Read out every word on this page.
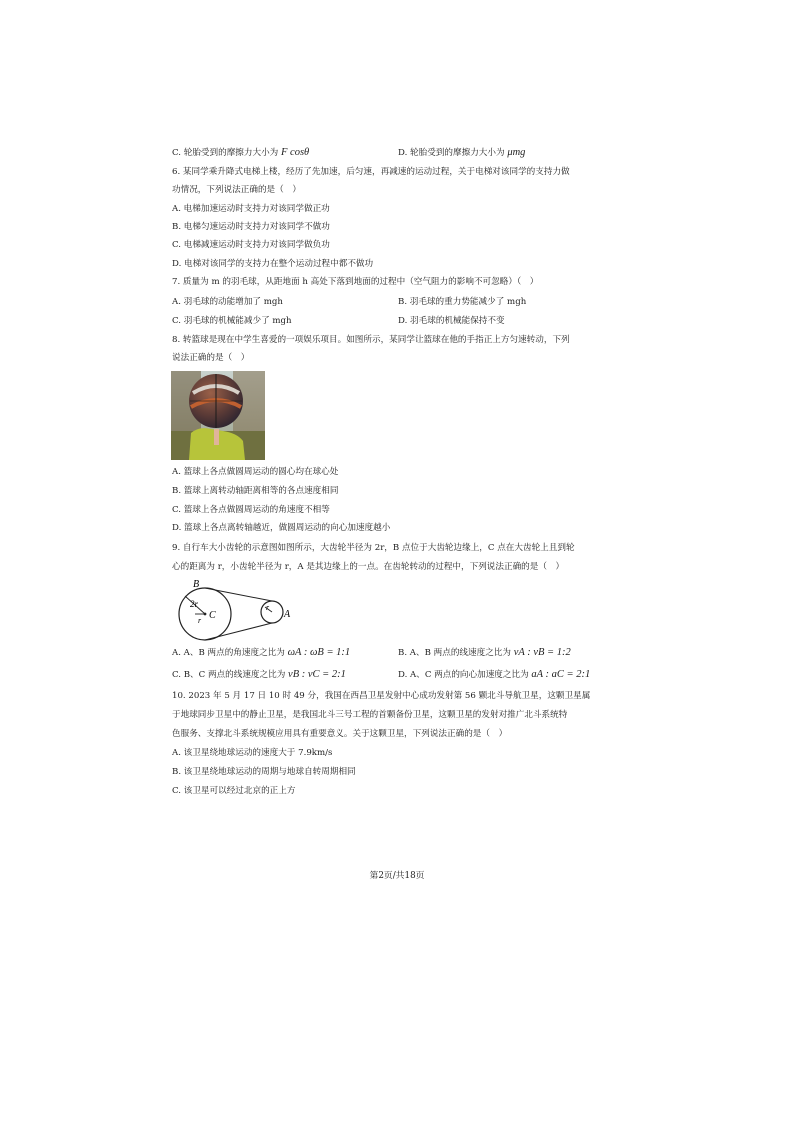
C. 轮胎受到的摩擦力大小为 F cosθ	D. 轮胎受到的摩擦力大小为 μmg
6. 某同学乘升降式电梯上楼，经历了先加速，后匀速，再减速的运动过程，关于电梯对该同学的支持力做
功情况，下列说法正确的是（　）
A. 电梯加速运动时支持力对该同学做正功
B. 电梯匀速运动时支持力对该同学不做功
C. 电梯减速运动时支持力对该同学做负功
D. 电梯对该同学的支持力在整个运动过程中都不做功
7. 质量为 m 的羽毛球，从距地面 h 高处下落到地面的过程中（空气阻力的影响不可忽略）（　）
A. 羽毛球的动能增加了 mgh	B. 羽毛球的重力势能减少了 mgh
C. 羽毛球的机械能减少了 mgh	D. 羽毛球的机械能保持不变
8. 转篮球是现在中学生喜爱的一项娱乐项目。如图所示，某同学让篮球在他的手指正上方匀速转动，下列
说法正确的是（　）
A. 篮球上各点做圆周运动的圆心均在球心处
B. 篮球上离转动轴距离相等的各点速度相同
C. 篮球上各点做圆周运动的角速度不相等
D. 篮球上各点离转轴越近，做圆周运动的向心加速度越小
9. 自行车大小齿轮的示意图如图所示，大齿轮半径为 2r，B 点位于大齿轮边缘上，C 点在大齿轮上且到轮
心的距离为 r，小齿轮半径为 r，A 是其边缘上的一点。在齿轮转动的过程中，下列说法正确的是（　）
B
2r
C
r
r
A
A. A、B 两点的角速度之比为 ωA : ωB = 1:1	B. A、B 两点的线速度之比为 vA : vB = 1:2
C. B、C 两点的线速度之比为 vB : vC = 2:1	D. A、C 两点的向心加速度之比为 aA : aC = 2:1
10. 2023 年 5 月 17 日 10 时 49 分，我国在西昌卫星发射中心成功发射第 56 颗北斗导航卫星，这颗卫星属
于地球同步卫星中的静止卫星，是我国北斗三号工程的首颗备份卫星，这颗卫星的发射对推广北斗系统特
色服务、支撑北斗系统规模应用具有重要意义。关于这颗卫星，下列说法正确的是（　）
A. 该卫星绕地球运动的速度大于 7.9km/s
B. 该卫星绕地球运动的周期与地球自转周期相同
C. 该卫星可以经过北京的正上方
第2页/共18页
